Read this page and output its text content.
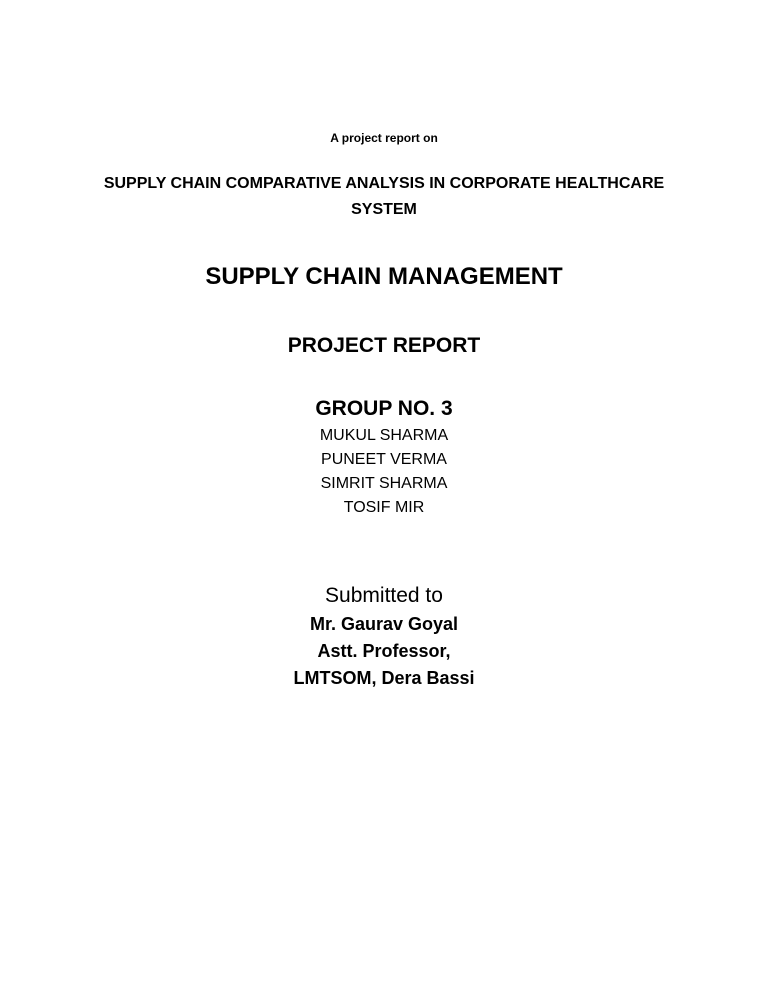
A project report on
SUPPLY CHAIN COMPARATIVE ANALYSIS IN CORPORATE HEALTHCARE
SYSTEM
SUPPLY CHAIN MANAGEMENT
PROJECT REPORT
GROUP NO. 3
MUKUL SHARMA
PUNEET VERMA
SIMRIT SHARMA
TOSIF MIR
Submitted to
Mr. Gaurav Goyal
Astt. Professor,
LMTSOM, Dera Bassi
